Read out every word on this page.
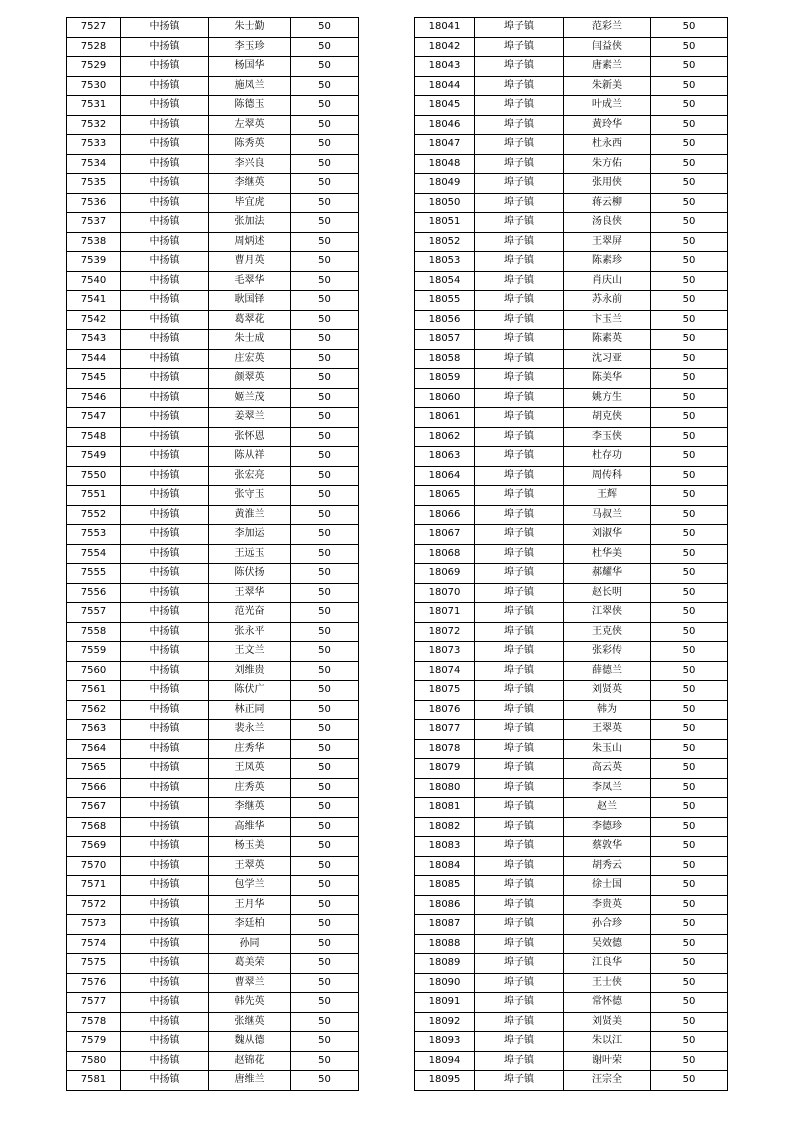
7527	中扬镇	朱士勤	50
7528	中扬镇	李玉珍	50
7529	中扬镇	杨国华	50
7530	中扬镇	施凤兰	50
7531	中扬镇	陈德玉	50
7532	中扬镇	左翠英	50
7533	中扬镇	陈秀英	50
7534	中扬镇	李兴良	50
7535	中扬镇	李继英	50
7536	中扬镇	毕宜虎	50
7537	中扬镇	张加法	50
7538	中扬镇	周炳述	50
7539	中扬镇	曹月英	50
7540	中扬镇	毛翠华	50
7541	中扬镇	耿国铎	50
7542	中扬镇	葛翠花	50
7543	中扬镇	朱士成	50
7544	中扬镇	庄宏英	50
7545	中扬镇	颜翠英	50
7546	中扬镇	姬兰茂	50
7547	中扬镇	姜翠兰	50
7548	中扬镇	张怀恩	50
7549	中扬镇	陈从祥	50
7550	中扬镇	张宏亮	50
7551	中扬镇	张守玉	50
7552	中扬镇	黄淮兰	50
7553	中扬镇	李加运	50
7554	中扬镇	王远玉	50
7555	中扬镇	陈伏扬	50
7556	中扬镇	王翠华	50
7557	中扬镇	范光奋	50
7558	中扬镇	张永平	50
7559	中扬镇	王文兰	50
7560	中扬镇	刘维贵	50
7561	中扬镇	陈伏广	50
7562	中扬镇	林正同	50
7563	中扬镇	裴永兰	50
7564	中扬镇	庄秀华	50
7565	中扬镇	王凤英	50
7566	中扬镇	庄秀英	50
7567	中扬镇	李继英	50
7568	中扬镇	高维华	50
7569	中扬镇	杨玉美	50
7570	中扬镇	王翠英	50
7571	中扬镇	包学兰	50
7572	中扬镇	王月华	50
7573	中扬镇	李廷柏	50
7574	中扬镇	孙同	50
7575	中扬镇	葛美荣	50
7576	中扬镇	曹翠兰	50
7577	中扬镇	韩先英	50
7578	中扬镇	张继英	50
7579	中扬镇	魏从德	50
7580	中扬镇	赵锦花	50
7581	中扬镇	唐维兰	50
18041	埠子镇	范彩兰	50
18042	埠子镇	闫益侠	50
18043	埠子镇	唐素兰	50
18044	埠子镇	朱新美	50
18045	埠子镇	叶成兰	50
18046	埠子镇	黄玲华	50
18047	埠子镇	杜永西	50
18048	埠子镇	朱方佑	50
18049	埠子镇	张用侠	50
18050	埠子镇	蒋云柳	50
18051	埠子镇	汤良侠	50
18052	埠子镇	王翠屏	50
18053	埠子镇	陈素珍	50
18054	埠子镇	肖庆山	50
18055	埠子镇	苏永前	50
18056	埠子镇	卞玉兰	50
18057	埠子镇	陈素英	50
18058	埠子镇	沈习亚	50
18059	埠子镇	陈美华	50
18060	埠子镇	姚方生	50
18061	埠子镇	胡克侠	50
18062	埠子镇	李玉侠	50
18063	埠子镇	杜存功	50
18064	埠子镇	周传科	50
18065	埠子镇	王辉	50
18066	埠子镇	马叔兰	50
18067	埠子镇	刘淑华	50
18068	埠子镇	杜华美	50
18069	埠子镇	郝耀华	50
18070	埠子镇	赵长明	50
18071	埠子镇	江翠侠	50
18072	埠子镇	王克侠	50
18073	埠子镇	张彩传	50
18074	埠子镇	薛德兰	50
18075	埠子镇	刘贤英	50
18076	埠子镇	韩为	50
18077	埠子镇	王翠英	50
18078	埠子镇	朱玉山	50
18079	埠子镇	高云英	50
18080	埠子镇	李凤兰	50
18081	埠子镇	赵兰	50
18082	埠子镇	李德珍	50
18083	埠子镇	蔡敦华	50
18084	埠子镇	胡秀云	50
18085	埠子镇	徐士国	50
18086	埠子镇	李贵英	50
18087	埠子镇	孙合珍	50
18088	埠子镇	吴效德	50
18089	埠子镇	江良华	50
18090	埠子镇	王士侠	50
18091	埠子镇	常怀德	50
18092	埠子镇	刘贤美	50
18093	埠子镇	朱以江	50
18094	埠子镇	谢叶荣	50
18095	埠子镇	汪宗全	50
